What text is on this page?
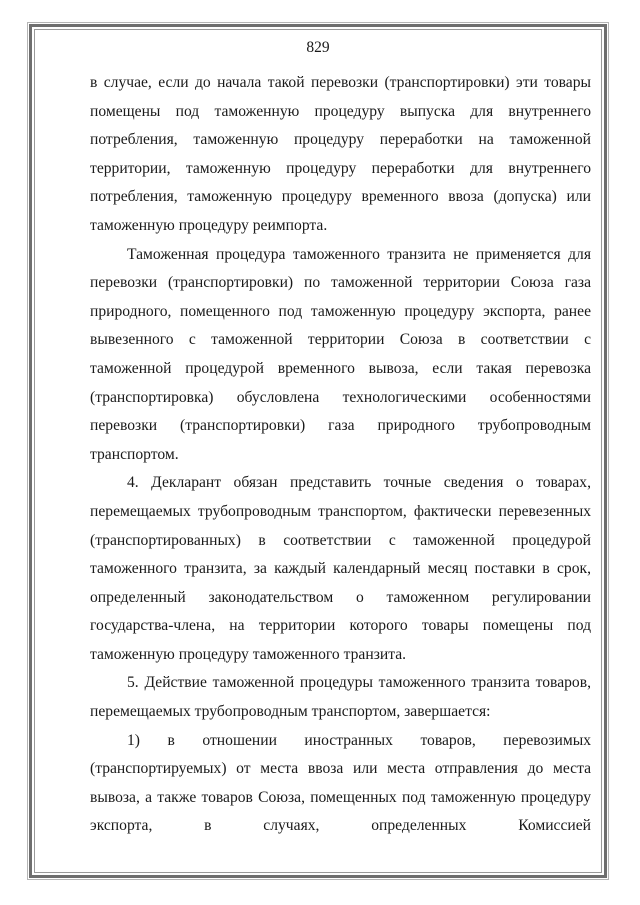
829

в случае, если до начала такой перевозки (транспортировки) эти товары помещены под таможенную процедуру выпуска для внутреннего потребления, таможенную процедуру переработки на таможенной территории, таможенную процедуру переработки для внутреннего потребления, таможенную процедуру временного ввоза (допуска) или таможенную процедуру реимпорта.

Таможенная процедура таможенного транзита не применяется для перевозки (транспортировки) по таможенной территории Союза газа природного, помещенного под таможенную процедуру экспорта, ранее вывезенного с таможенной территории Союза в соответствии с таможенной процедурой временного вывоза, если такая перевозка (транспортировка) обусловлена технологическими особенностями перевозки (транспортировки) газа природного трубопроводным транспортом.

4. Декларант обязан представить точные сведения о товарах, перемещаемых трубопроводным транспортом, фактически перевезенных (транспортированных) в соответствии с таможенной процедурой таможенного транзита, за каждый календарный месяц поставки в срок, определенный законодательством о таможенном регулировании государства-члена, на территории которого товары помещены под таможенную процедуру таможенного транзита.

5. Действие таможенной процедуры таможенного транзита товаров, перемещаемых трубопроводным транспортом, завершается:

1) в отношении иностранных товаров, перевозимых (транспортируемых) от места ввоза или места отправления до места вывоза, а также товаров Союза, помещенных под таможенную процедуру экспорта, в случаях, определенных Комиссией
